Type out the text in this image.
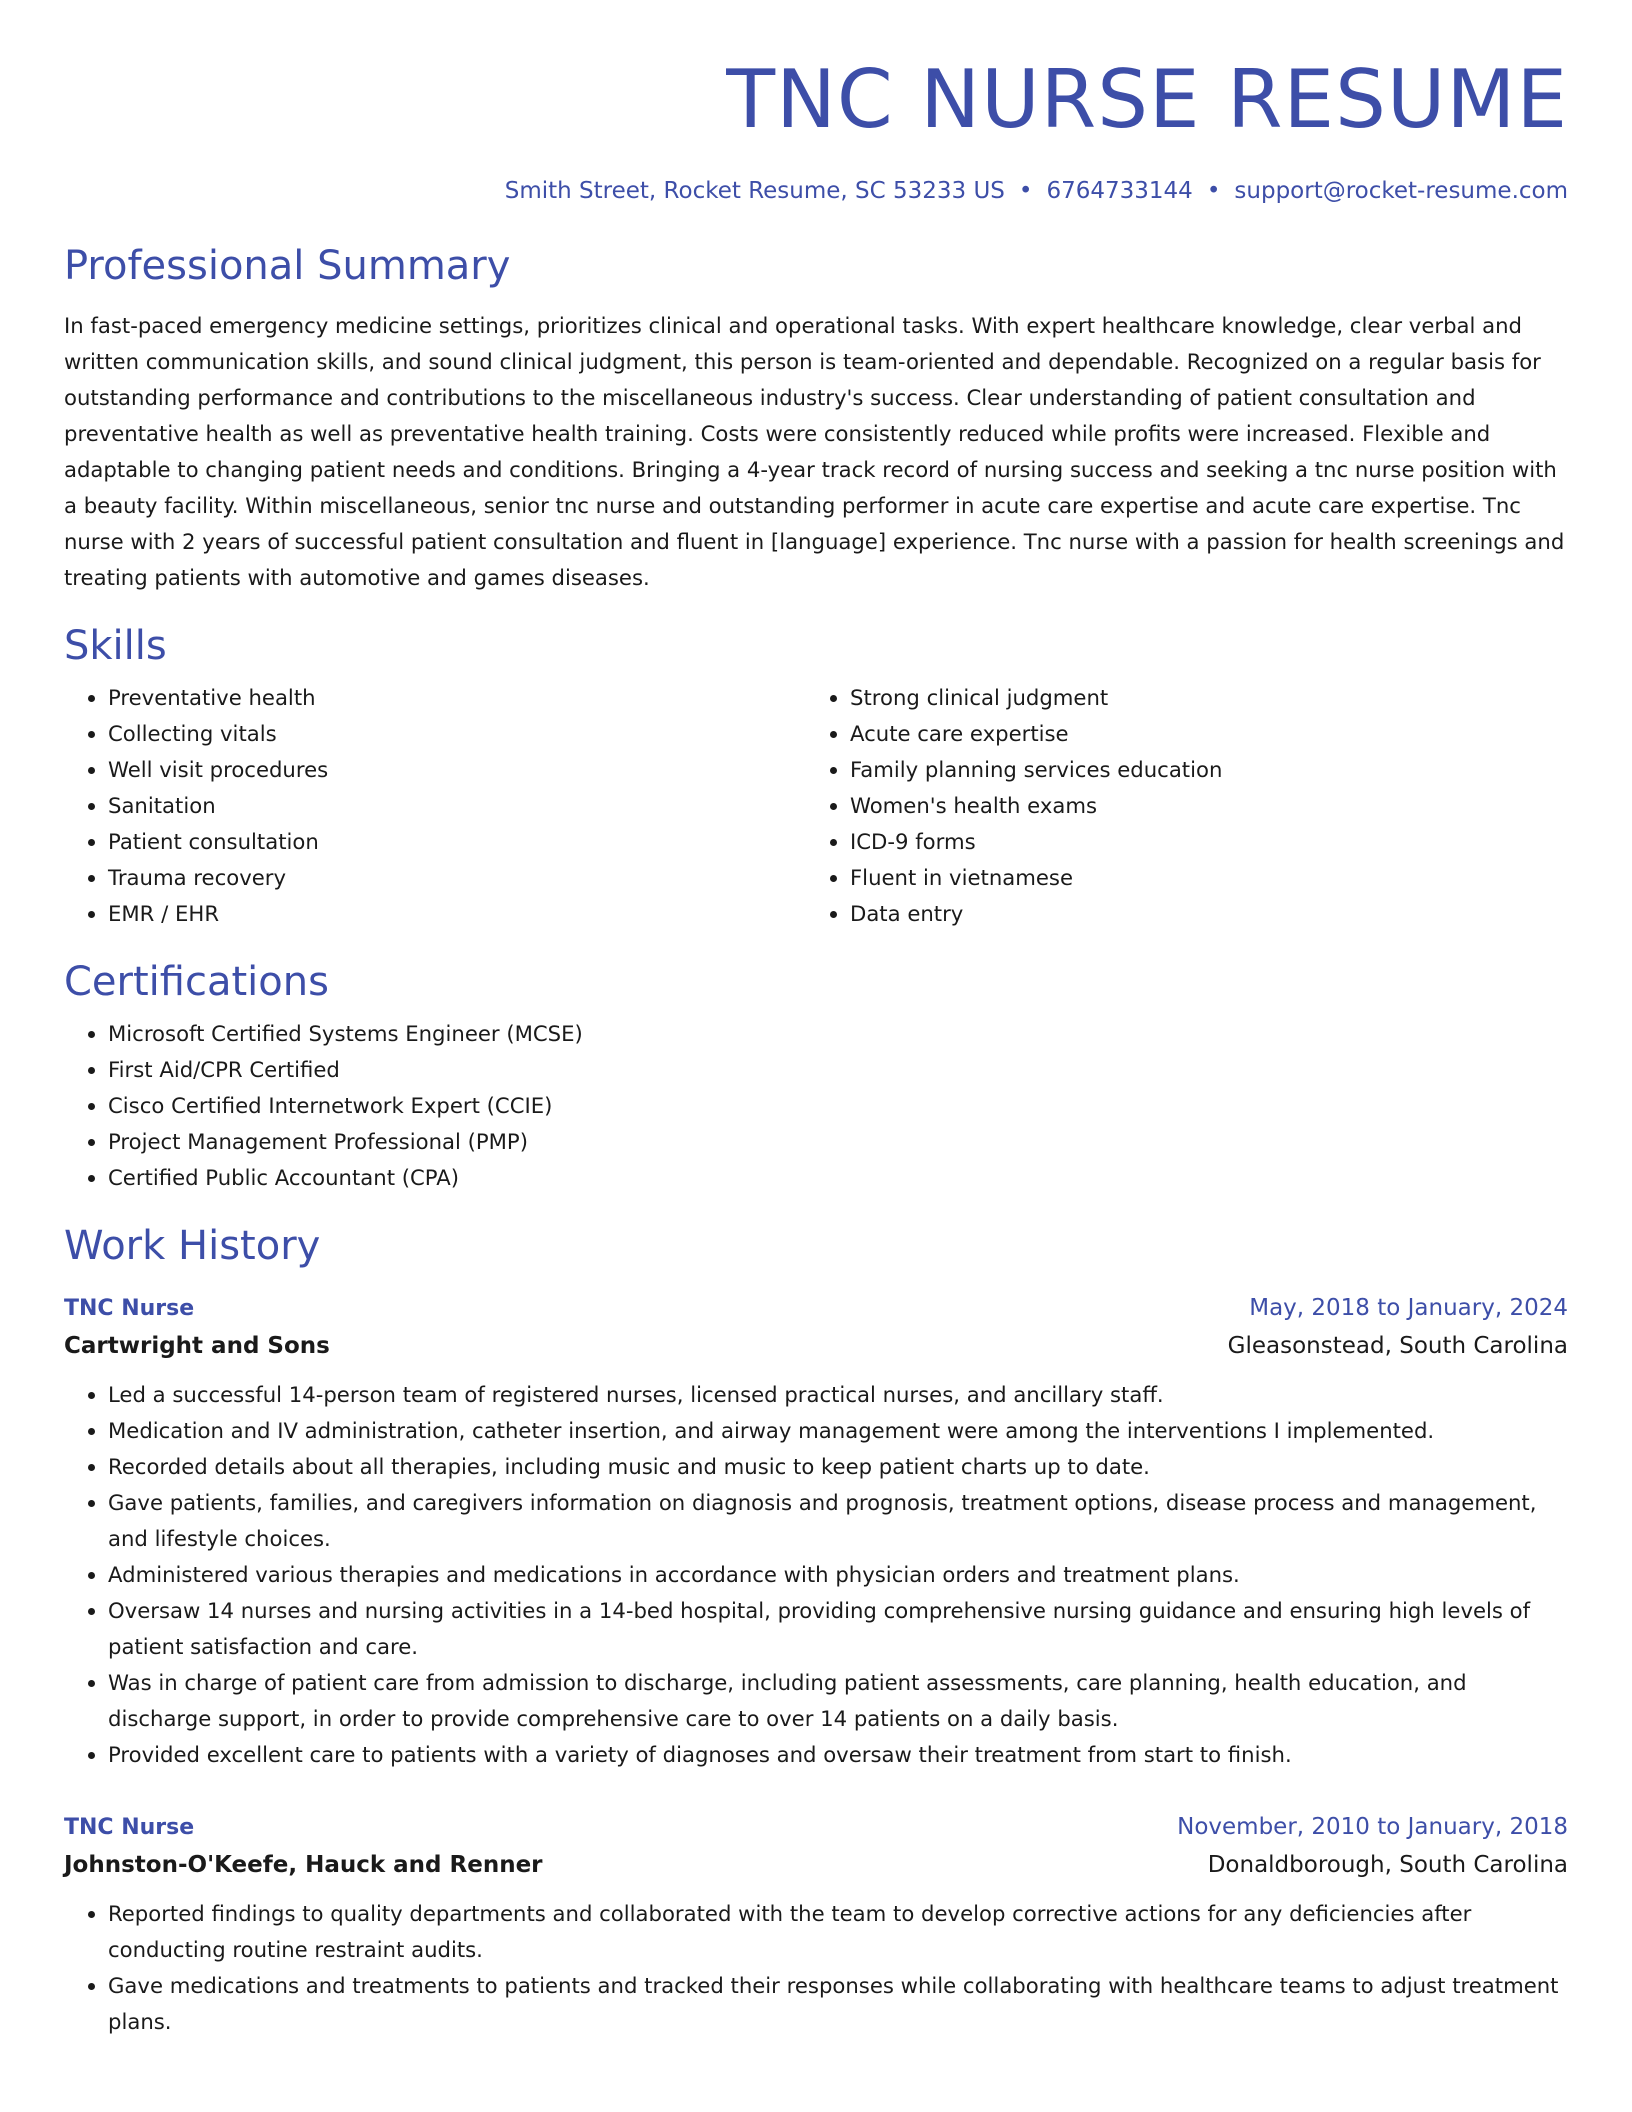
TNC NURSE RESUME
Smith Street, Rocket Resume, SC 53233 US • 6764733144 • support@rocket-resume.com
Professional Summary

In fast-paced emergency medicine settings, prioritizes clinical and operational tasks. With expert healthcare knowledge, clear verbal and written communication skills, and sound clinical judgment, this person is team-oriented and dependable. Recognized on a regular basis for outstanding performance and contributions to the miscellaneous industry's success. Clear understanding of patient consultation and preventative health as well as preventative health training. Costs were consistently reduced while profits were increased. Flexible and adaptable to changing patient needs and conditions. Bringing a 4-year track record of nursing success and seeking a tnc nurse position with a beauty facility. Within miscellaneous, senior tnc nurse and outstanding performer in acute care expertise and acute care expertise. Tnc nurse with 2 years of successful patient consultation and fluent in [language] experience. Tnc nurse with a passion for health screenings and treating patients with automotive and games diseases.

Skills
• Preventative health
• Collecting vitals
• Well visit procedures
• Sanitation
• Patient consultation
• Trauma recovery
• EMR / EHR
• Strong clinical judgment
• Acute care expertise
• Family planning services education
• Women's health exams
• ICD-9 forms
• Fluent in vietnamese
• Data entry
Certifications
• Microsoft Certified Systems Engineer (MCSE)
• First Aid/CPR Certified
• Cisco Certified Internetwork Expert (CCIE)
• Project Management Professional (PMP)
• Certified Public Accountant (CPA)
Work History
TNC Nurse	May, 2018 to January, 2024
Cartwright and Sons	Gleasonstead, South Carolina
• Led a successful 14-person team of registered nurses, licensed practical nurses, and ancillary staff.
• Medication and IV administration, catheter insertion, and airway management were among the interventions I implemented.
• Recorded details about all therapies, including music and music to keep patient charts up to date.
• Gave patients, families, and caregivers information on diagnosis and prognosis, treatment options, disease process and management, and lifestyle choices.
• Administered various therapies and medications in accordance with physician orders and treatment plans.
• Oversaw 14 nurses and nursing activities in a 14-bed hospital, providing comprehensive nursing guidance and ensuring high levels of patient satisfaction and care.
• Was in charge of patient care from admission to discharge, including patient assessments, care planning, health education, and discharge support, in order to provide comprehensive care to over 14 patients on a daily basis.
• Provided excellent care to patients with a variety of diagnoses and oversaw their treatment from start to finish.
TNC Nurse	November, 2010 to January, 2018
Johnston-O'Keefe, Hauck and Renner	Donaldborough, South Carolina
• Reported findings to quality departments and collaborated with the team to develop corrective actions for any deficiencies after conducting routine restraint audits.
• Gave medications and treatments to patients and tracked their responses while collaborating with healthcare teams to adjust treatment plans.
